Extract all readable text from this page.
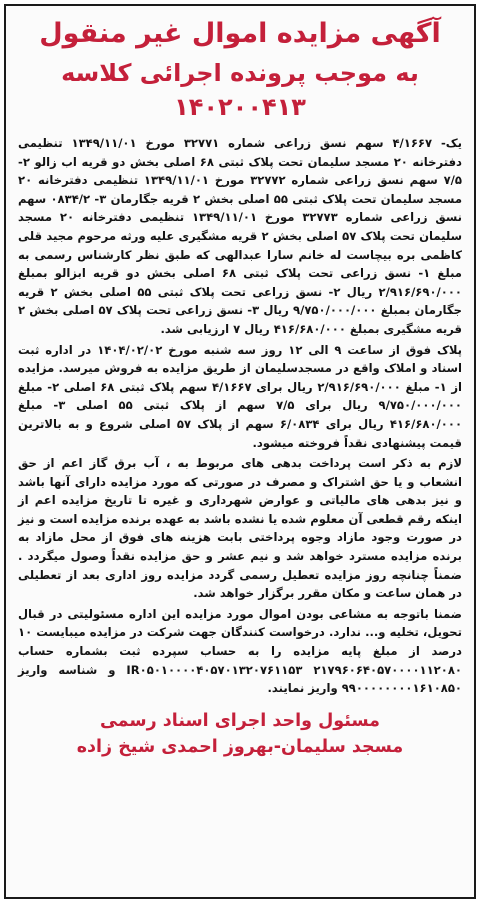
آگهی مزایده اموال غیر منقول
به موجب پرونده اجرائی کلاسه ۱۴۰۲۰۰۴۱۳

یک- ۴/۱۶۶۷ سهم نسق زراعی شماره ۳۲۷۷۱ مورخ ۱۳۴۹/۱۱/۰۱ تنظیمی دفترخانه ۲۰ مسجد سلیمان تحت پلاک ثبتی ۶۸ اصلی بخش دو قریه اب زالو ۲- ۷/۵ سهم نسق زراعی شماره ۳۲۷۷۲ مورخ ۱۳۴۹/۱۱/۰۱ تنظیمی دفترخانه ۲۰ مسجد سلیمان تحت پلاک ثبتی ۵۵ اصلی بخش ۲ قریه جگارمان ۳- ۰۸۳۴/۲ سهم نسق زراعی شماره ۳۲۷۷۳ مورخ ۱۳۴۹/۱۱/۰۱ تنظیمی دفترخانه ۲۰ مسجد سلیمان تحت پلاک ۵۷ اصلی بخش ۲ قریه مشگیری علیه ورثه مرحوم مجید قلی کاظمی بره بیچاست له خانم سارا عبدالهی که طبق نظر کارشناس رسمی به مبلغ ۱- نسق زراعی تحت پلاک ثبتی ۶۸ اصلی بخش دو قریه ابزالو بمبلغ ۲/۹۱۶/۶۹۰/۰۰۰ ریال ۲- نسق زراعی تحت پلاک ثبتی ۵۵ اصلی بخش ۲ قریه جگارمان بمبلغ ۹/۷۵۰/۰۰۰/۰۰۰ ریال ۳- نسق زراعی تحت پلاک ۵۷ اصلی بخش ۲ قریه مشگیری بمبلغ ۴۱۶/۶۸۰/۰۰۰ ریال ۷ ارزیابی شد.

پلاک فوق از ساعت ۹ الی ۱۲ روز سه شنبه مورخ ۱۴۰۴/۰۲/۰۲ در اداره ثبت اسناد و املاک واقع در مسجدسلیمان از طریق مزایده به فروش میرسد. مزایده از ۱- مبلغ ۲/۹۱۶/۶۹۰/۰۰۰ ریال برای ۴/۱۶۶۷ سهم پلاک ثبتی ۶۸ اصلی ۲- مبلغ ۹/۷۵۰/۰۰۰/۰۰۰ ریال برای ۷/۵ سهم از پلاک ثبتی ۵۵ اصلی ۳- مبلغ ۴۱۶/۶۸۰/۰۰۰ ریال برای ۶/۰۸۳۴ سهم از پلاک ۵۷ اصلی شروع و به بالاترین قیمت پیشنهادی نقداً فروخته میشود.

لازم به ذکر است پرداخت بدهی های مربوط به ، آب برق گاز اعم از حق انشعاب و یا حق اشتراک و مصرف در صورتی که مورد مزایده دارای آنها باشد و نیز بدهی های مالیاتی و عوارض شهرداری و غیره تا تاریخ مزایده اعم از اینکه رقم قطعی آن معلوم شده یا نشده باشد به عهده برنده مزایده است و نیز در صورت وجود مازاد وجوه پرداختی بابت هزینه های فوق از محل مازاد به برنده مزایده مسترد خواهد شد و نیم عشر و حق مزایده نقداً وصول میگردد . ضمناً چنانچه روز مزایده تعطیل رسمی گردد مزایده روز اداری بعد از تعطیلی در همان ساعت و مکان مقرر برگزار خواهد شد.

ضمنا باتوجه به مشاعی بودن اموال مورد مزایده این اداره مسئولیتی در قبال تحویل، تخلیه و... ندارد. درخواست کنندگان جهت شرکت در مزایده میبایست ۱۰ درصد از مبلغ پایه مزایده را به حساب سپرده ثبت بشماره حساب ۲۱۷۹۶۰۶۴۰۵۷۰۰۰۰۱۱۲۰۸۰ IR۰۵۰۱۰۰۰۰۴۰۵۷۰۱۳۲۰۷۶۱۱۵۳ و شناسه واریز ۹۹۰۰۰۰۰۰۰۰۱۶۱۰۸۵۰ واریز نمایند.

مسئول واحد اجرای اسناد رسمی
مسجد سلیمان-بهروز احمدی شیخ زاده
